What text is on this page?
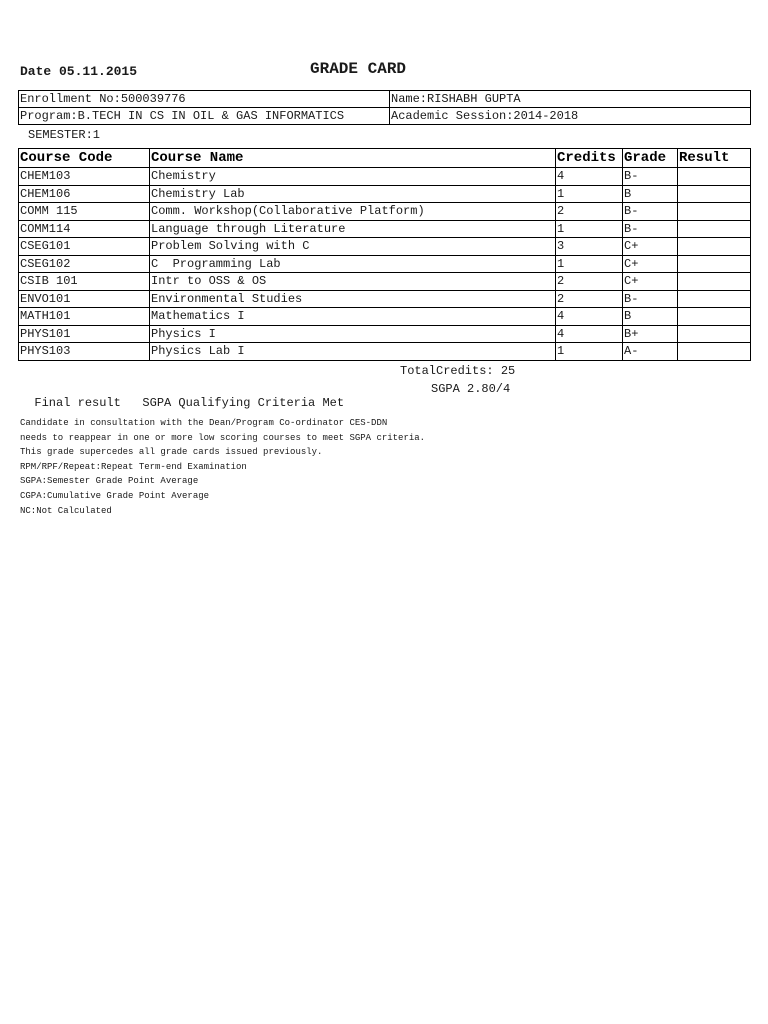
Date 05.11.2015	GRADE CARD
Enrollment No:500039776	Name:RISHABH GUPTA
Program:B.TECH IN CS IN OIL & GAS INFORMATICS	Academic Session:2014-2018
SEMESTER:1
Course Code	Course Name	Credits	Grade	Result
CHEM103	Chemistry	4	B-	
CHEM106	Chemistry Lab	1	B	
COMM 115	Comm. Workshop(Collaborative Platform)	2	B-	
COMM114	Language through Literature	1	B-	
CSEG101	Problem Solving with C	3	C+	
CSEG102	C  Programming Lab	1	C+	
CSIB 101	Intr to OSS & OS	2	C+	
ENVO101	Environmental Studies	2	B-	
MATH101	Mathematics I	4	B	
PHYS101	Physics I	4	B+	
PHYS103	Physics Lab I	1	A-	
TotalCredits: 25

Final result   SGPA Qualifying Criteria Met

SGPA 2.80/4

Candidate in consultation with the Dean/Program Co-ordinator CES-DDN
needs to reappear in one or more low scoring courses to meet SGPA criteria.
This grade supercedes all grade cards issued previously.
RPM/RPF/Repeat:Repeat Term-end Examination
SGPA:Semester Grade Point Average
CGPA:Cumulative Grade Point Average
NC:Not Calculated
